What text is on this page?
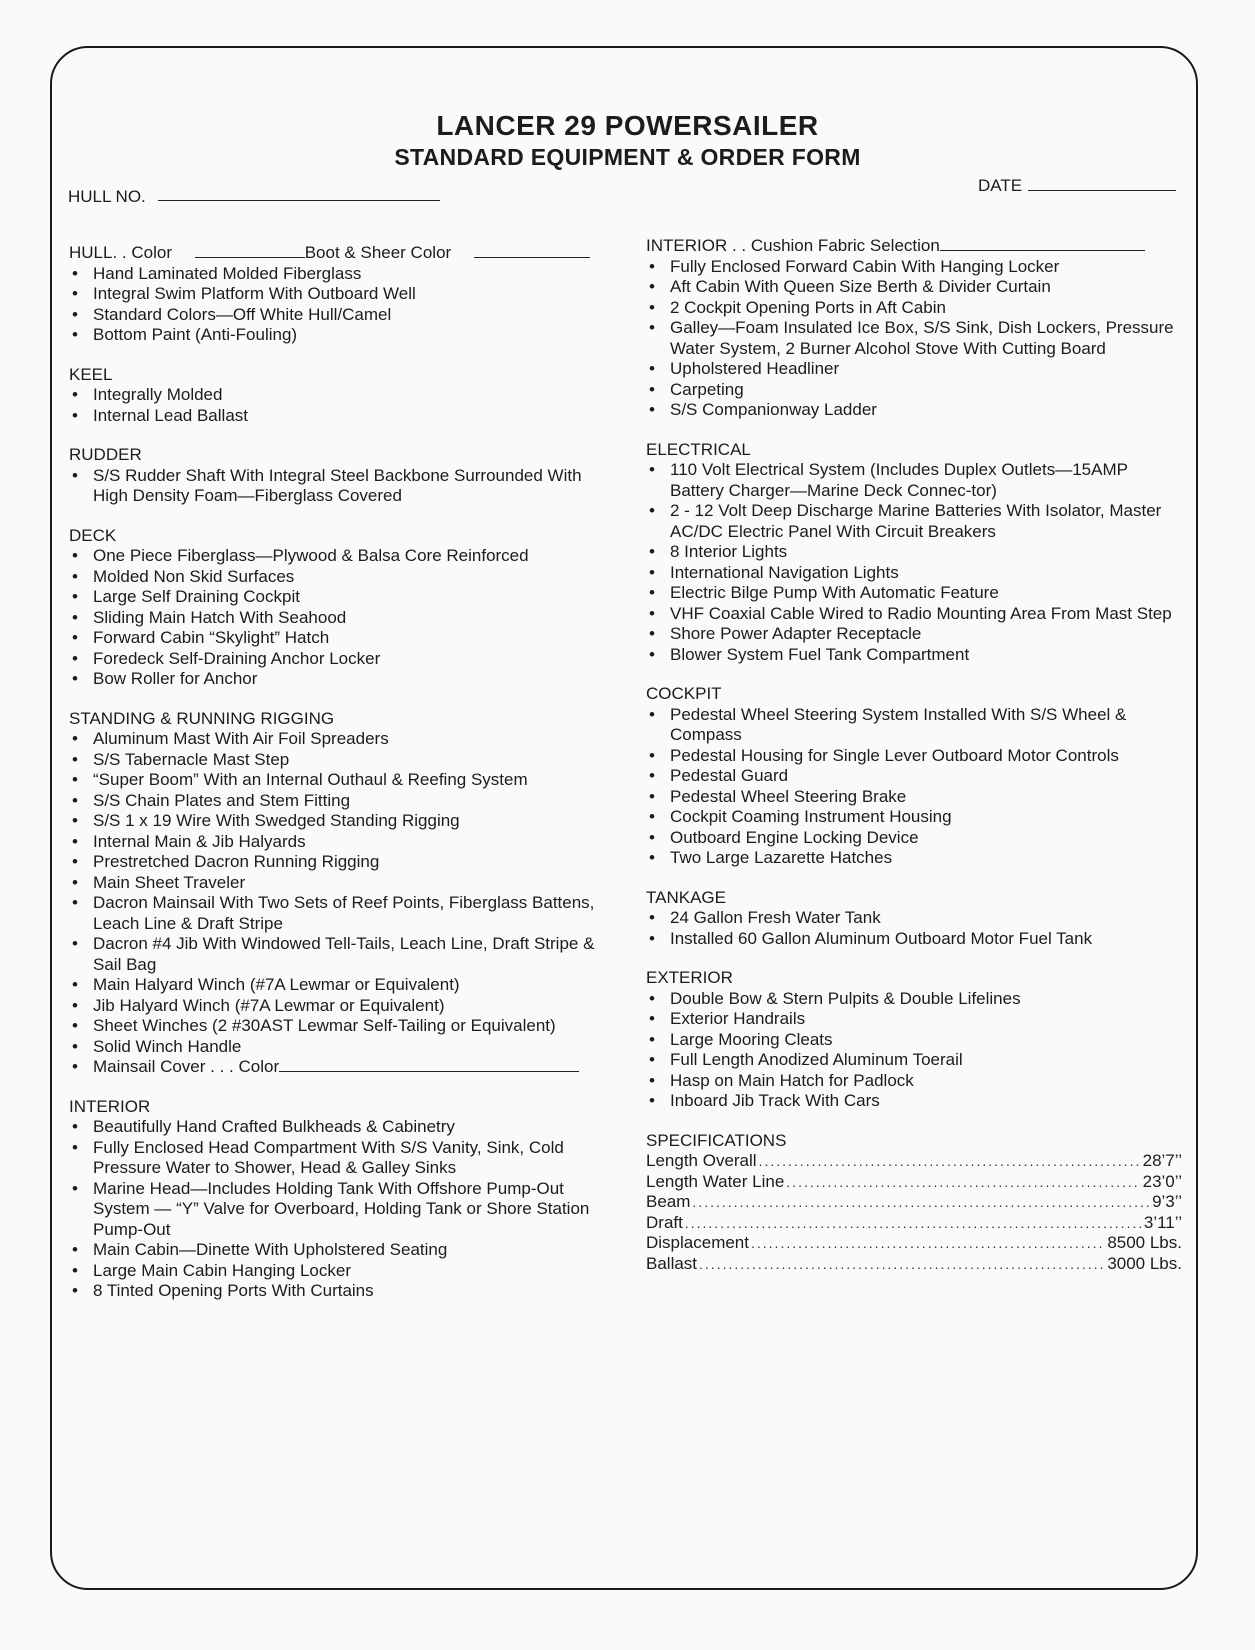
LANCER 29 POWERSAILER
STANDARD EQUIPMENT & ORDER FORM
HULL NO.
DATE
HULL. . Color	Boot & Sheer Color
• Hand Laminated Molded Fiberglass
• Integral Swim Platform With Outboard Well
• Standard Colors—Off White Hull/Camel
• Bottom Paint (Anti-Fouling)
KEEL
• Integrally Molded
• Internal Lead Ballast
RUDDER
• S/S Rudder Shaft With Integral Steel Backbone Surrounded With High Density Foam—Fiberglass Covered
DECK
• One Piece Fiberglass—Plywood & Balsa Core Reinforced
• Molded Non Skid Surfaces
• Large Self Draining Cockpit
• Sliding Main Hatch With Seahood
• Forward Cabin “Skylight” Hatch
• Foredeck Self-Draining Anchor Locker
• Bow Roller for Anchor
STANDING & RUNNING RIGGING
• Aluminum Mast With Air Foil Spreaders
• S/S Tabernacle Mast Step
• “Super Boom” With an Internal Outhaul & Reefing System
• S/S Chain Plates and Stem Fitting
• S/S 1 x 19 Wire With Swedged Standing Rigging
• Internal Main & Jib Halyards
• Prestretched Dacron Running Rigging
• Main Sheet Traveler
• Dacron Mainsail With Two Sets of Reef Points, Fiberglass Battens, Leach Line & Draft Stripe
• Dacron #4 Jib With Windowed Tell-Tails, Leach Line, Draft Stripe & Sail Bag
• Main Halyard Winch (#7A Lewmar or Equivalent)
• Jib Halyard Winch (#7A Lewmar or Equivalent)
• Sheet Winches (2 #30AST Lewmar Self-Tailing or Equivalent)
• Solid Winch Handle
• Mainsail Cover . . . Color
INTERIOR
• Beautifully Hand Crafted Bulkheads & Cabinetry
• Fully Enclosed Head Compartment With S/S Vanity, Sink, Cold Pressure Water to Shower, Head & Galley Sinks
• Marine Head—Includes Holding Tank With Offshore Pump-Out System — “Y” Valve for Overboard, Holding Tank or Shore Station Pump-Out
• Main Cabin—Dinette With Upholstered Seating
• Large Main Cabin Hanging Locker
• 8 Tinted Opening Ports With Curtains
INTERIOR . . Cushion Fabric Selection
• Fully Enclosed Forward Cabin With Hanging Locker
• Aft Cabin With Queen Size Berth & Divider Curtain
• 2 Cockpit Opening Ports in Aft Cabin
• Galley—Foam Insulated Ice Box, S/S Sink, Dish Lockers, Pressure Water System, 2 Burner Alcohol Stove With Cutting Board
• Upholstered Headliner
• Carpeting
• S/S Companionway Ladder
ELECTRICAL
• 110 Volt Electrical System (Includes Duplex Outlets—15AMP Battery Charger—Marine Deck Connec-tor)
• 2 - 12 Volt Deep Discharge Marine Batteries With Isolator, Master AC/DC Electric Panel With Circuit Breakers
• 8 Interior Lights
• International Navigation Lights
• Electric Bilge Pump With Automatic Feature
• VHF Coaxial Cable Wired to Radio Mounting Area From Mast Step
• Shore Power Adapter Receptacle
• Blower System Fuel Tank Compartment
COCKPIT
• Pedestal Wheel Steering System Installed With S/S Wheel & Compass
• Pedestal Housing for Single Lever Outboard Motor Controls
• Pedestal Guard
• Pedestal Wheel Steering Brake
• Cockpit Coaming Instrument Housing
• Outboard Engine Locking Device
• Two Large Lazarette Hatches
TANKAGE
• 24 Gallon Fresh Water Tank
• Installed 60 Gallon Aluminum Outboard Motor Fuel Tank
EXTERIOR
• Double Bow & Stern Pulpits & Double Lifelines
• Exterior Handrails
• Large Mooring Cleats
• Full Length Anodized Aluminum Toerail
• Hasp on Main Hatch for Padlock
• Inboard Jib Track With Cars
SPECIFICATIONS
Length Overall .....	28’7’’
Length Water Line .....	23’0’’
Beam .....	9’3’’
Draft .....	3’11’’
Displacement .....	8500 Lbs.
Ballast .....	3000 Lbs.
